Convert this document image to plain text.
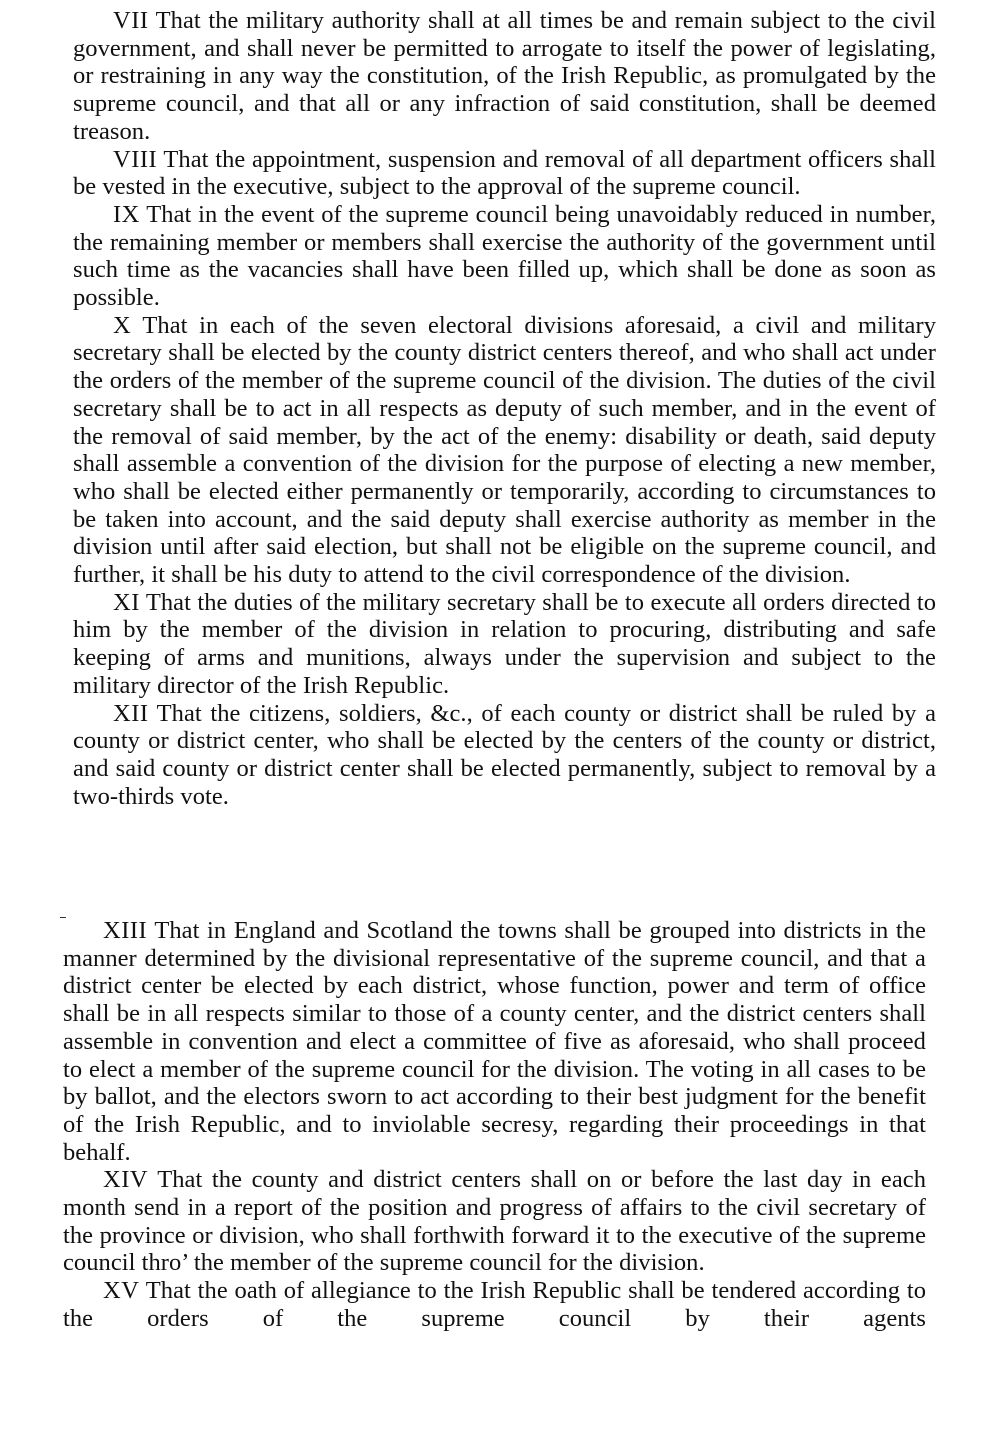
VII That the military authority shall at all times be and remain subject to the civil government, and shall never be permitted to arrogate to itself the power of legislating, or restraining in any way the constitution, of the Irish Republic, as promulgated by the supreme council, and that all or any infraction of said constitution, shall be deemed treason.

VIII That the appointment, suspension and removal of all department officers shall be vested in the executive, subject to the approval of the supreme council.

IX That in the event of the supreme council being unavoidably reduced in number, the remaining member or members shall exercise the authority of the government until such time as the vacancies shall have been filled up, which shall be done as soon as possible.

X That in each of the seven electoral divisions aforesaid, a civil and military secretary shall be elected by the county district centers thereof, and who shall act under the orders of the member of the supreme council of the division. The duties of the civil secretary shall be to act in all respects as deputy of such member, and in the event of the removal of said member, by the act of the enemy: disability or death, said deputy shall assemble a convention of the division for the purpose of electing a new member, who shall be elected either permanently or temporarily, according to circumstances to be taken into account, and the said deputy shall exercise authority as member in the division until after said election, but shall not be eligible on the supreme council, and further, it shall be his duty to attend to the civil correspondence of the division.

XI That the duties of the military secretary shall be to execute all orders directed to him by the member of the division in relation to procuring, distributing and safe keeping of arms and munitions, always under the supervision and subject to the military director of the Irish Republic.

XII That the citizens, soldiers, &c., of each county or district shall be ruled by a county or district center, who shall be elected by the centers of the county or district, and said county or district center shall be elected permanently, subject to removal by a two-thirds vote.

XIII That in England and Scotland the towns shall be grouped into districts in the manner determined by the divisional representative of the supreme council, and that a district center be elected by each district, whose function, power and term of office shall be in all respects similar to those of a county center, and the district centers shall assemble in convention and elect a committee of five as aforesaid, who shall proceed to elect a member of the supreme council for the division. The voting in all cases to be by ballot, and the electors sworn to act according to their best judgment for the benefit of the Irish Republic, and to inviolable secresy, regarding their proceedings in that behalf.

XIV That the county and district centers shall on or before the last day in each month send in a report of the position and progress of affairs to the civil secretary of the province or division, who shall forthwith forward it to the executive of the supreme council thro’ the member of the supreme council for the division.

XV That the oath of allegiance to the Irish Republic shall be tendered according to the orders of the supreme council by their agents
